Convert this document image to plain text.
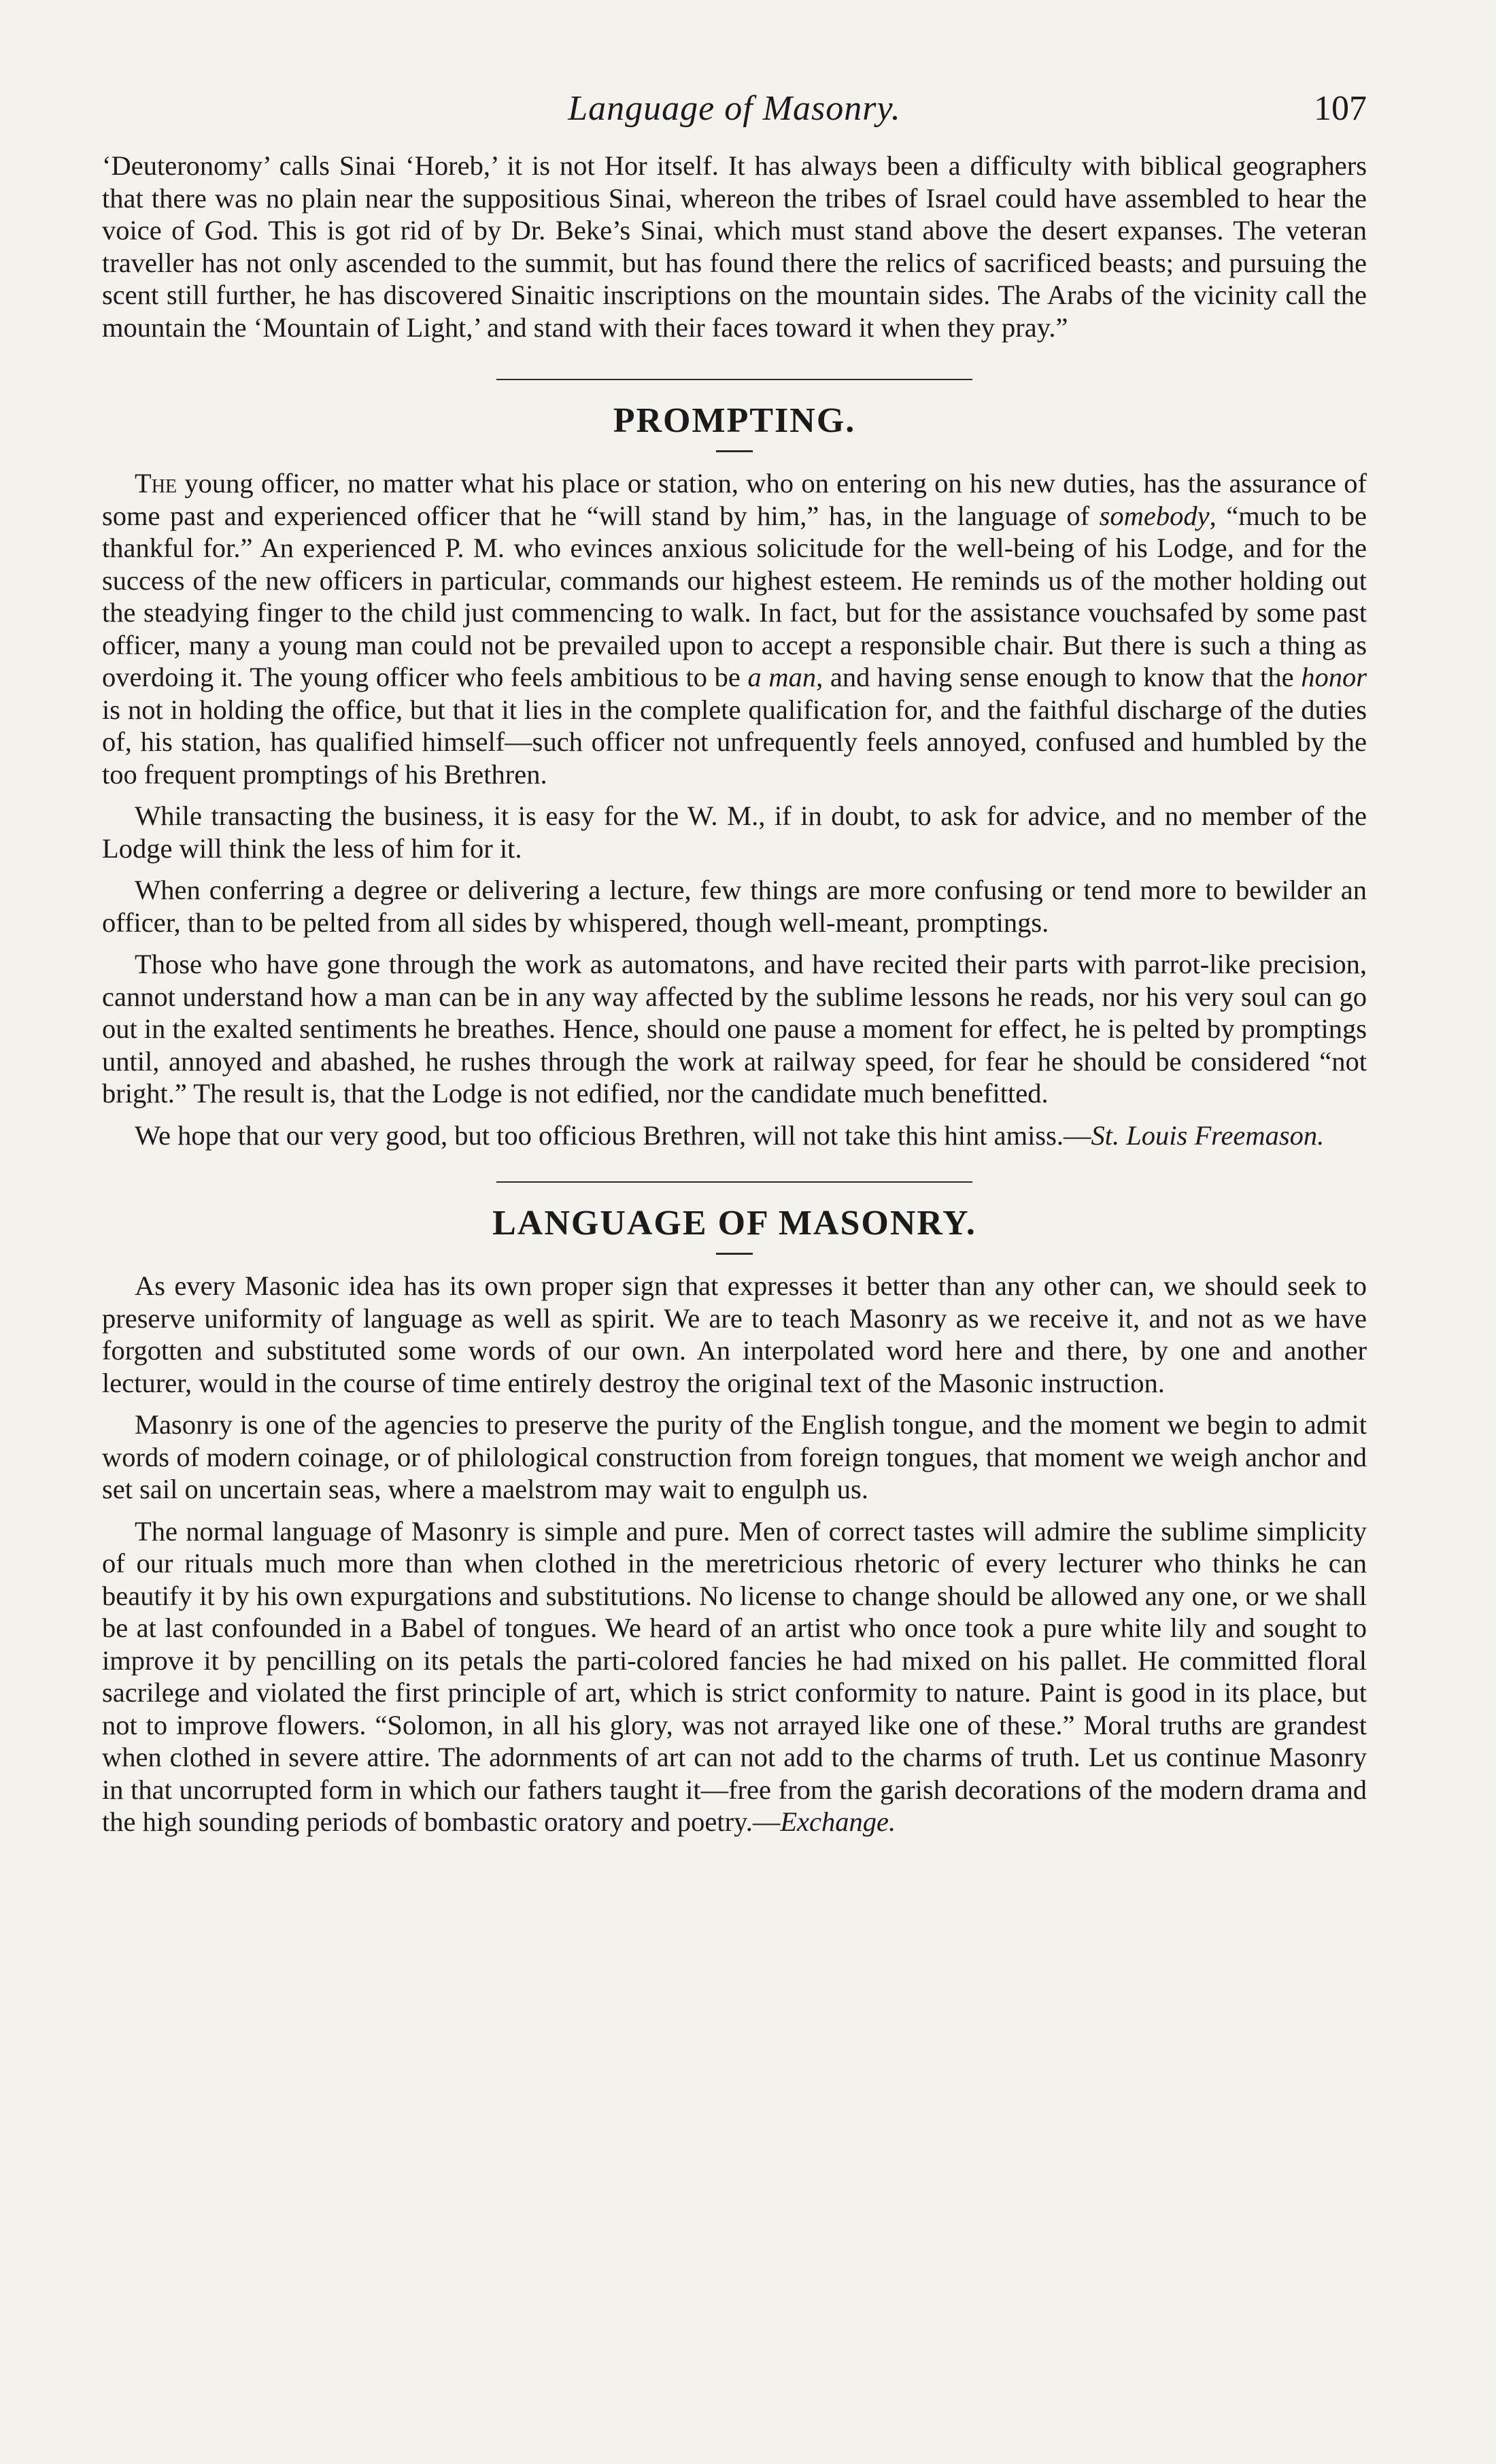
Language of Masonry.	107

‘Deuteronomy’ calls Sinai ‘Horeb,’ it is not Hor itself. It has always been a difficulty with biblical geographers that there was no plain near the suppositious Sinai, whereon the tribes of Israel could have assembled to hear the voice of God. This is got rid of by Dr. Beke’s Sinai, which must stand above the desert expanses. The veteran traveller has not only ascended to the summit, but has found there the relics of sacrificed beasts; and pursuing the scent still further, he has discovered Sinaitic inscriptions on the mountain sides. The Arabs of the vicinity call the mountain the ‘Mountain of Light,’ and stand with their faces toward it when they pray.”

PROMPTING.

The young officer, no matter what his place or station, who on entering on his new duties, has the assurance of some past and experienced officer that he “will stand by him,” has, in the language of somebody, “much to be thankful for.” An experienced P. M. who evinces anxious solicitude for the well-being of his Lodge, and for the success of the new officers in particular, commands our highest esteem. He reminds us of the mother holding out the steadying finger to the child just commencing to walk. In fact, but for the assistance vouchsafed by some past officer, many a young man could not be prevailed upon to accept a responsible chair. But there is such a thing as overdoing it. The young officer who feels ambitious to be a man, and having sense enough to know that the honor is not in holding the office, but that it lies in the complete qualification for, and the faithful discharge of the duties of, his station, has qualified himself—such officer not unfrequently feels annoyed, confused and humbled by the too frequent promptings of his Brethren.

While transacting the business, it is easy for the W. M., if in doubt, to ask for advice, and no member of the Lodge will think the less of him for it.

When conferring a degree or delivering a lecture, few things are more confusing or tend more to bewilder an officer, than to be pelted from all sides by whispered, though well-meant, promptings.

Those who have gone through the work as automatons, and have recited their parts with parrot-like precision, cannot understand how a man can be in any way affected by the sublime lessons he reads, nor his very soul can go out in the exalted sentiments he breathes. Hence, should one pause a moment for effect, he is pelted by promptings until, annoyed and abashed, he rushes through the work at railway speed, for fear he should be considered “not bright.” The result is, that the Lodge is not edified, nor the candidate much benefitted.

We hope that our very good, but too officious Brethren, will not take this hint amiss.—St. Louis Freemason.

LANGUAGE OF MASONRY.

As every Masonic idea has its own proper sign that expresses it better than any other can, we should seek to preserve uniformity of language as well as spirit. We are to teach Masonry as we receive it, and not as we have forgotten and substituted some words of our own. An interpolated word here and there, by one and another lecturer, would in the course of time entirely destroy the original text of the Masonic instruction.

Masonry is one of the agencies to preserve the purity of the English tongue, and the moment we begin to admit words of modern coinage, or of philological construction from foreign tongues, that moment we weigh anchor and set sail on uncertain seas, where a maelstrom may wait to engulph us.

The normal language of Masonry is simple and pure. Men of correct tastes will admire the sublime simplicity of our rituals much more than when clothed in the meretricious rhetoric of every lecturer who thinks he can beautify it by his own expurgations and substitutions. No license to change should be allowed any one, or we shall be at last confounded in a Babel of tongues. We heard of an artist who once took a pure white lily and sought to improve it by pencilling on its petals the parti-colored fancies he had mixed on his pallet. He committed floral sacrilege and violated the first principle of art, which is strict conformity to nature. Paint is good in its place, but not to improve flowers. “Solomon, in all his glory, was not arrayed like one of these.” Moral truths are grandest when clothed in severe attire. The adornments of art can not add to the charms of truth. Let us continue Masonry in that uncorrupted form in which our fathers taught it—free from the garish decorations of the modern drama and the high sounding periods of bombastic oratory and poetry.—Exchange.
